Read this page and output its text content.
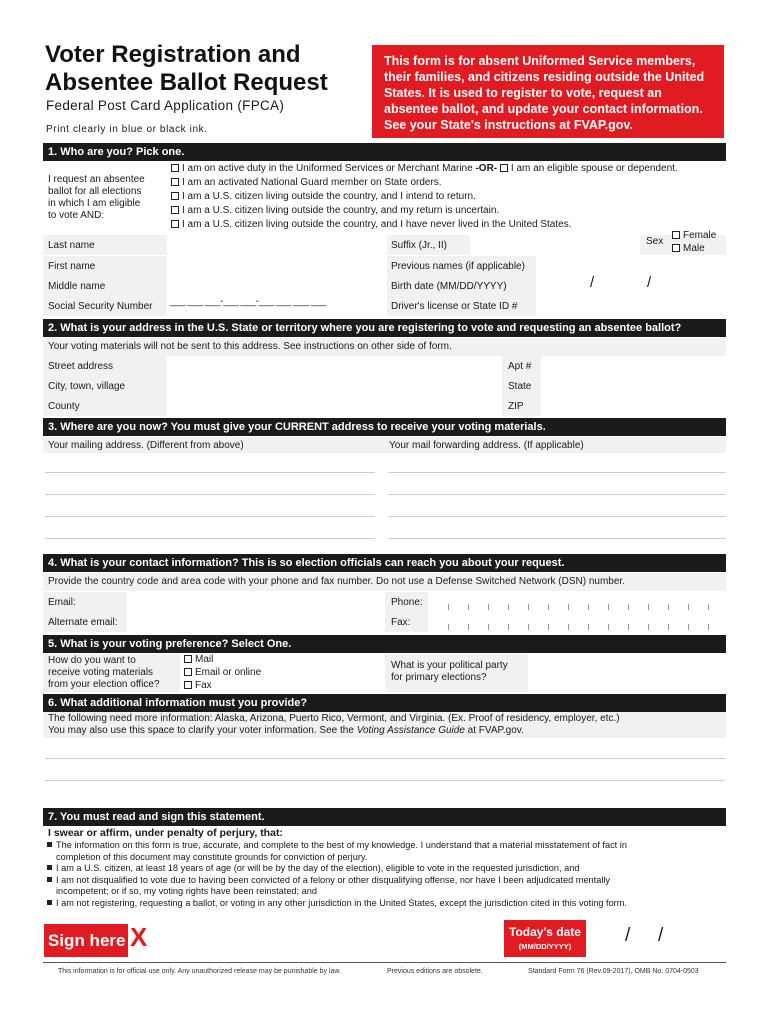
Voter Registration and
Absentee Ballot Request
Federal Post Card Application (FPCA)
Print clearly in blue or black ink.
This form is for absent Uniformed Service members, their families, and citizens residing outside the United States. It is used to register to vote, request an absentee ballot, and update your contact information. See your State's instructions at FVAP.gov.
1. Who are you? Pick one.
I request an absentee
ballot for all elections
in which I am eligible
to vote AND:
I am on active duty in the Uniformed Services or Merchant Marine -OR- I am an eligible spouse or dependent.
I am an activated National Guard member on State orders.
I am a U.S. citizen living outside the country, and I intend to return.
I am a U.S. citizen living outside the country, and my return is uncertain.
I am a U.S. citizen living outside the country, and I have never lived in the United States.
Last name	Suffix (Jr., II)	Sex
Female
Male
First name	Previous names (if applicable)
Middle name	Birth date (MM/DD/YYYY)	/	/
Social Security Number ___ ___ ___-___ ___-___ ___ ___ ___	Driver's license or State ID #
2. What is your address in the U.S. State or territory where you are registering to vote and requesting an absentee ballot?
Your voting materials will not be sent to this address. See instructions on other side of form.
Street address	Apt #
City, town, village	State
County	ZIP
3. Where are you now? You must give your CURRENT address to receive your voting materials.
Your mailing address. (Different from above)	Your mail forwarding address. (If applicable)
4. What is your contact information? This is so election officials can reach you about your request.
Provide the country code and area code with your phone and fax number. Do not use a Defense Switched Network (DSN) number.
Email:	Phone:
Alternate email:	Fax:
5. What is your voting preference? Select One.
How do you want to
receive voting materials
from your election office?
Mail
Email or online
Fax
What is your political party
for primary elections?
6. What additional information must you provide?
The following need more information: Alaska, Arizona, Puerto Rico, Vermont, and Virginia. (Ex. Proof of residency, employer, etc.)
You may also use this space to clarify your voter information. See the Voting Assistance Guide at FVAP.gov.
7. You must read and sign this statement.
I swear or affirm, under penalty of perjury, that:
The information on this form is true, accurate, and complete to the best of my knowledge. I understand that a material misstatement of fact in
completion of this document may constitute grounds for conviction of perjury.
I am a U.S. citizen, at least 18 years of age (or will be by the day of the election), eligible to vote in the requested jurisdiction, and
I am not disqualified to vote due to having been convicted of a felony or other disqualifying offense, nor have I been adjudicated mentally
incompetent; or if so, my voting rights have been reinstated; and
I am not registering, requesting a ballot, or voting in any other jurisdiction in the United States, except the jurisdiction cited in this voting form.
Sign here X	Today's date
(MM/DD/YYYY)
/ /
This information is for official use only. Any unauthorized release may be punishable by law.	Previous editions are obsolete.	Standard Form 76 (Rev.09-2017), OMB No. 0704-0503
